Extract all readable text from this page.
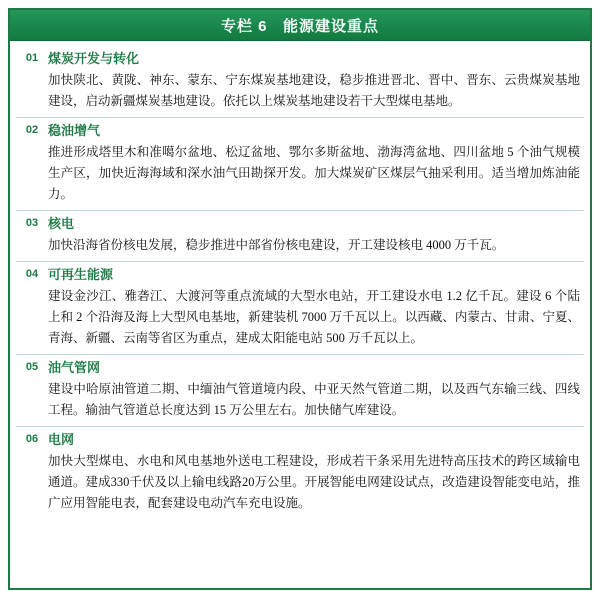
专栏 6 能源建设重点
01 煤炭开发与转化
加快陕北、黄陇、神东、蒙东、宁东煤炭基地建设，稳步推进晋北、晋中、晋东、云贵煤炭基地建设，启动新疆煤炭基地建设。依托以上煤炭基地建设若干大型煤电基地。
02 稳油增气
推进形成塔里木和准噶尔盆地、松辽盆地、鄂尔多斯盆地、渤海湾盆地、四川盆地 5 个油气规模生产区，加快近海海域和深水油气田勘探开发。加大煤炭矿区煤层气抽采利用。适当增加炼油能力。
03 核电
加快沿海省份核电发展，稳步推进中部省份核电建设，开工建设核电 4000 万千瓦。
04 可再生能源
建设金沙江、雅砻江、大渡河等重点流域的大型水电站，开工建设水电 1.2 亿千瓦。建设 6 个陆上和 2 个沿海及海上大型风电基地，新建装机 7000 万千瓦以上。以西藏、内蒙古、甘肃、宁夏、青海、新疆、云南等省区为重点，建成太阳能电站 500 万千瓦以上。
05 油气管网
建设中哈原油管道二期、中缅油气管道境内段、中亚天然气管道二期，以及西气东输三线、四线工程。输油气管道总长度达到 15 万公里左右。加快储气库建设。
06 电网
加快大型煤电、水电和风电基地外送电工程建设，形成若干条采用先进特高压技术的跨区域输电通道。建成330千伏及以上输电线路20万公里。开展智能电网建设试点，改造建设智能变电站，推广应用智能电表，配套建设电动汽车充电设施。
